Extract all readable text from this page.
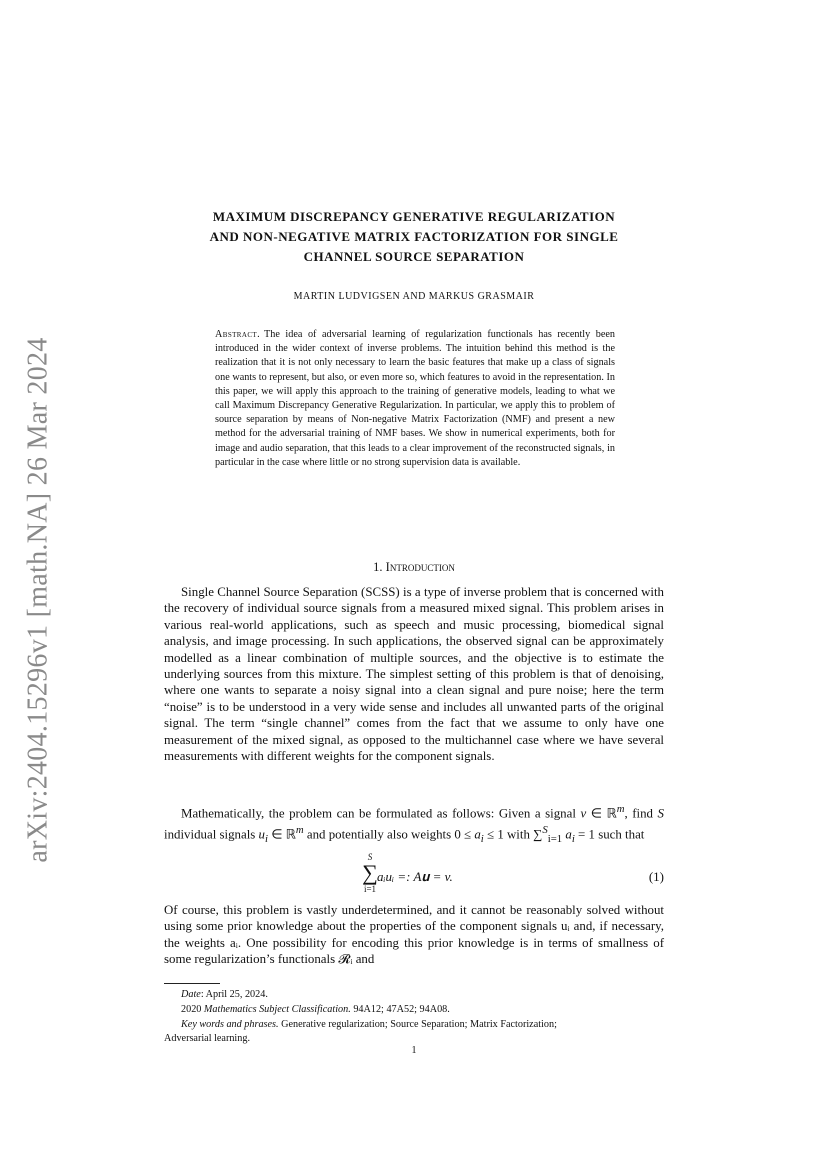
arXiv:2404.15296v1 [math.NA] 26 Mar 2024
MAXIMUM DISCREPANCY GENERATIVE REGULARIZATION
AND NON-NEGATIVE MATRIX FACTORIZATION FOR SINGLE
CHANNEL SOURCE SEPARATION
MARTIN LUDVIGSEN AND MARKUS GRASMAIR
Abstract. The idea of adversarial learning of regularization functionals has recently been introduced in the wider context of inverse problems. The intuition behind this method is the realization that it is not only necessary to learn the basic features that make up a class of signals one wants to represent, but also, or even more so, which features to avoid in the representation. In this paper, we will apply this approach to the training of generative models, leading to what we call Maximum Discrepancy Generative Regularization. In particular, we apply this to problem of source separation by means of Non-negative Matrix Factorization (NMF) and present a new method for the adversarial training of NMF bases. We show in numerical experiments, both for image and audio separation, that this leads to a clear improvement of the reconstructed signals, in particular in the case where little or no strong supervision data is available.
1. Introduction

Single Channel Source Separation (SCSS) is a type of inverse problem that is concerned with the recovery of individual source signals from a measured mixed signal. This problem arises in various real-world applications, such as speech and music processing, biomedical signal analysis, and image processing. In such applications, the observed signal can be approximately modelled as a linear combination of multiple sources, and the objective is to estimate the underlying sources from this mixture. The simplest setting of this problem is that of denoising, where one wants to separate a noisy signal into a clean signal and pure noise; here the term “noise” is to be understood in a very wide sense and includes all unwanted parts of the original signal. The term “single channel” comes from the fact that we assume to only have one measurement of the mixed signal, as opposed to the multichannel case where we have several measurements with different weights for the component signals.

Mathematically, the problem can be formulated as follows: Given a signal v ∈ ℝ$^m$, find S individual signals $u_i$ ∈ ℝ$^m$ and potentially also weights $0 \le a_i \le 1$ with ∑$^S_{i=1}$ $a_i = 1$ such that

S
∑
i=1
aᵢuᵢ =: A𝐮 = v.	(1)

Of course, this problem is vastly underdetermined, and it cannot be reasonably solved without using some prior knowledge about the properties of the component signals uᵢ and, if necessary, the weights aᵢ. One possibility for encoding this prior knowledge is in terms of smallness of some regularization’s functionals 𝓡ᵢ and

Date: April 25, 2024.

2020 Mathematics Subject Classification. 94A12; 47A52; 94A08.

Key words and phrases. Generative regularization; Source Separation; Matrix Factorization;

Adversarial learning.

1
